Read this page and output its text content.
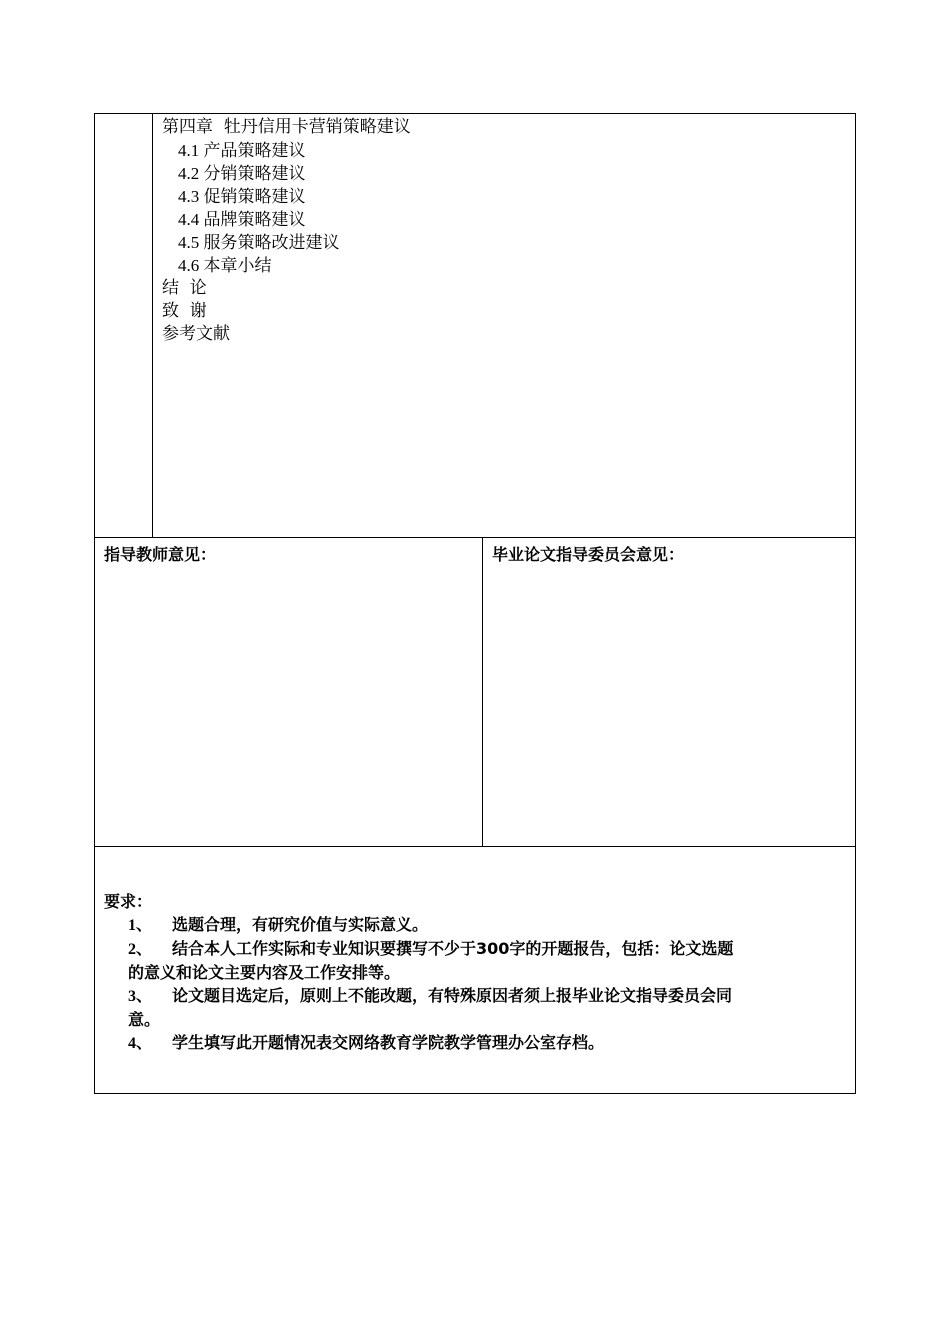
第四章  牡丹信用卡营销策略建议
4.1 产品策略建议
4.2 分销策略建议
4.3 促销策略建议
4.4 品牌策略建议
4.5 服务策略改进建议
4.6 本章小结
结  论
致  谢
参考文献
指导教师意见：	毕业论文指导委员会意见：
要求：
1、 选题合理，有研究价值与实际意义。
2、 结合本人工作实际和专业知识要撰写不少于300字的开题报告，包括：论文选题
的意义和论文主要内容及工作安排等。
3、 论文题目选定后，原则上不能改题，有特殊原因者须上报毕业论文指导委员会同
意。
4、 学生填写此开题情况表交网络教育学院教学管理办公室存档。
